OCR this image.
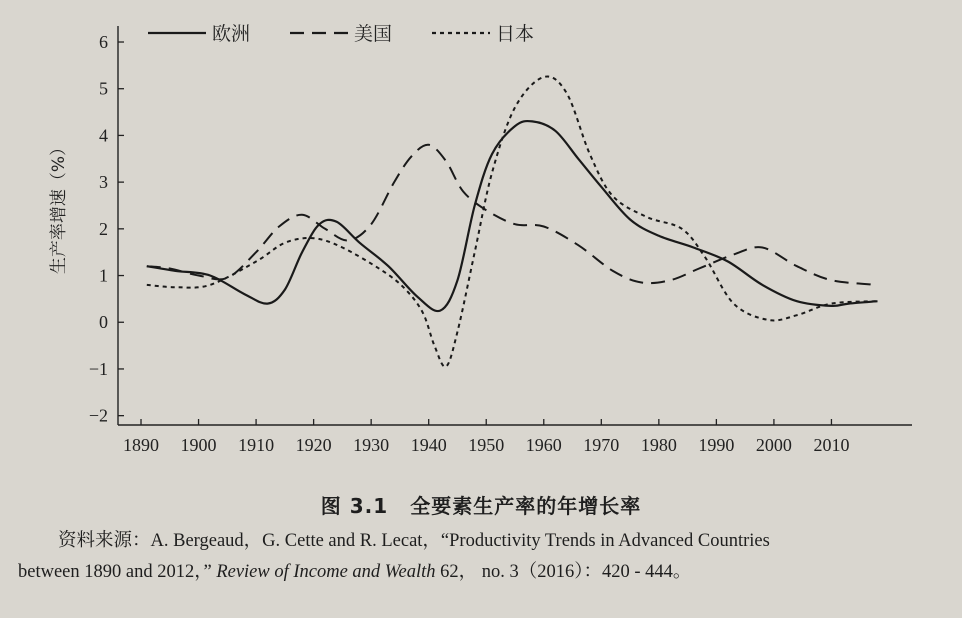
−2
−1
0
1
2
3
4
5
6
1890 1900 1910 1920 1930 1940 1950 1960 1970 1980 1990 2000 2010
生产率增速（%）
欧洲	美国	日本
图 3.1 全要素生产率的年增长率
资料来源：A. Bergeaud，G. Cette and R. Lecat，“Productivity Trends in Advanced Countries
between 1890 and 2012，” Review of Income and Wealth 62， no. 3（2016）：420 - 444。
